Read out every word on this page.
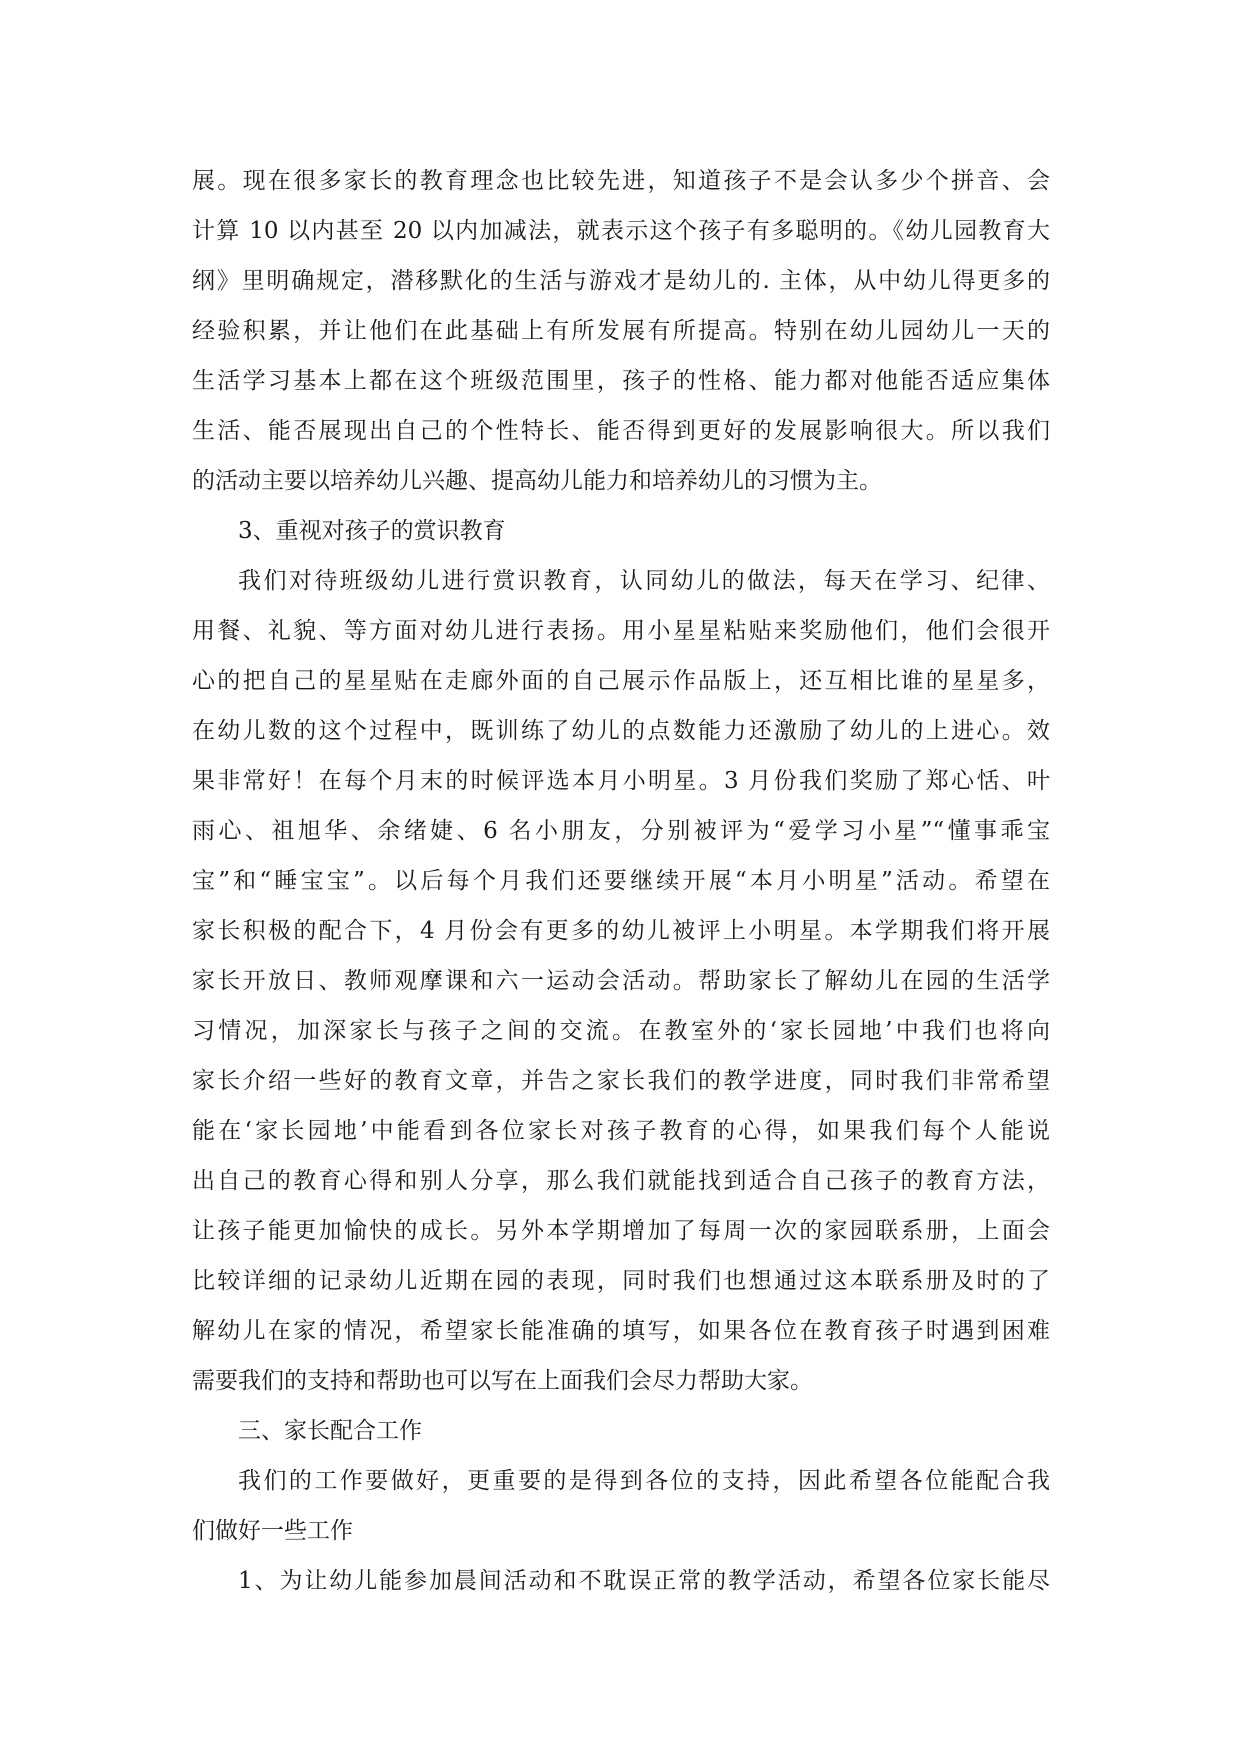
展。现在很多家长的教育理念也比较先进，知道孩子不是会认多少个拼音、会
计算 10 以内甚至 20 以内加减法，就表示这个孩子有多聪明的。《幼儿园教育大
纲》里明确规定，潜移默化的生活与游戏才是幼儿的. 主体，从中幼儿得更多的
经验积累，并让他们在此基础上有所发展有所提高。特别在幼儿园幼儿一天的
生活学习基本上都在这个班级范围里，孩子的性格、能力都对他能否适应集体
生活、能否展现出自己的个性特长、能否得到更好的发展影响很大。所以我们
的活动主要以培养幼儿兴趣、提高幼儿能力和培养幼儿的习惯为主。
3、重视对孩子的赏识教育
我们对待班级幼儿进行赏识教育，认同幼儿的做法，每天在学习、纪律、
用餐、礼貌、等方面对幼儿进行表扬。用小星星粘贴来奖励他们，他们会很开
心的把自己的星星贴在走廊外面的自己展示作品版上，还互相比谁的星星多，
在幼儿数的这个过程中，既训练了幼儿的点数能力还激励了幼儿的上进心。效
果非常好！在每个月末的时候评选本月小明星。3 月份我们奖励了郑心恬、叶
雨心、祖旭华、余绪婕、6 名小朋友，分别被评为“爱学习小星”“懂事乖宝
宝”和“睡宝宝”。以后每个月我们还要继续开展“本月小明星”活动。希望在
家长积极的配合下，4 月份会有更多的幼儿被评上小明星。本学期我们将开展
家长开放日、教师观摩课和六一运动会活动。帮助家长了解幼儿在园的生活学
习情况，加深家长与孩子之间的交流。在教室外的‘家长园地’中我们也将向
家长介绍一些好的教育文章，并告之家长我们的教学进度，同时我们非常希望
能在‘家长园地’中能看到各位家长对孩子教育的心得，如果我们每个人能说
出自己的教育心得和别人分享，那么我们就能找到适合自己孩子的教育方法，
让孩子能更加愉快的成长。另外本学期增加了每周一次的家园联系册，上面会
比较详细的记录幼儿近期在园的表现，同时我们也想通过这本联系册及时的了
解幼儿在家的情况，希望家长能准确的填写，如果各位在教育孩子时遇到困难
需要我们的支持和帮助也可以写在上面我们会尽力帮助大家。
三、家长配合工作
我们的工作要做好，更重要的是得到各位的支持，因此希望各位能配合我
们做好一些工作
1、为让幼儿能参加晨间活动和不耽误正常的教学活动，希望各位家长能尽
